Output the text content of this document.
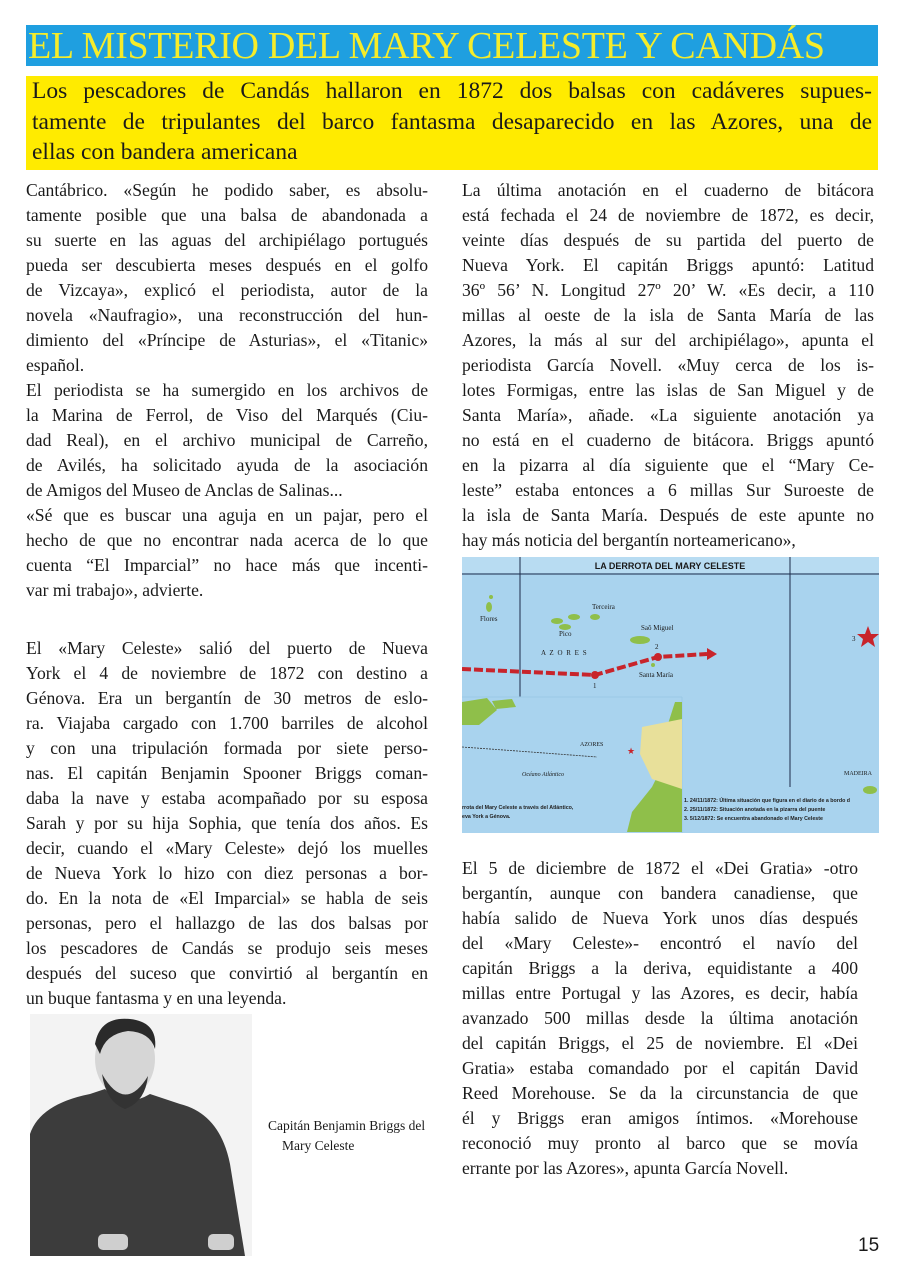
EL MISTERIO DEL MARY CELESTE Y CANDÁS
Los pescadores de Candás hallaron en 1872 dos balsas con cadáveres supues-
tamente de tripulantes del barco fantasma desaparecido en las Azores, una de
ellas con bandera americana
Cantábrico. «Según he podido saber, es absolu-
tamente posible que una balsa de abandonada a
su suerte en las aguas del archipiélago portugués
pueda ser descubierta meses después en el golfo
de Vizcaya», explicó el periodista, autor de la
novela «Naufragio», una reconstrucción del hun-
dimiento del «Príncipe de Asturias», el «Titanic»
español.
El periodista se ha sumergido en los archivos de
la Marina de Ferrol, de Viso del Marqués (Ciu-
dad Real), en el archivo municipal de Carreño,
de Avilés, ha solicitado ayuda de la asociación
de Amigos del Museo de Anclas de Salinas...
«Sé que es buscar una aguja en un pajar, pero el
hecho de que no encontrar nada acerca de lo que
cuenta “El Imparcial” no hace más que incenti-
var mi trabajo», advierte.
El «Mary Celeste» salió del puerto de Nueva
York el 4 de noviembre de 1872 con destino a
Génova. Era un bergantín de 30 metros de eslo-
ra. Viajaba cargado con 1.700 barriles de alcohol
y con una tripulación formada por siete perso-
nas. El capitán Benjamin Spooner Briggs coman-
daba la nave y estaba acompañado por su esposa
Sarah y por su hija Sophia, que tenía dos años. Es
decir, cuando el «Mary Celeste» dejó los muelles
de Nueva York lo hizo con diez personas a bor-
do. En la nota de «El Imparcial» se habla de seis
personas, pero el hallazgo de las dos balsas por
los pescadores de Candás se produjo seis meses
después del suceso que convirtió al bergantín en
un buque fantasma y en una leyenda.
La última anotación en el cuaderno de bitácora
está fechada el 24 de noviembre de 1872, es decir,
veinte días después de su partida del puerto de
Nueva York. El capitán Briggs apuntó: Latitud
36º 56’ N. Longitud 27º 20’ W. «Es decir, a 110
millas al oeste de la isla de Santa María de las
Azores, la más al sur del archipiélago», apunta el
periodista García Novell. «Muy cerca de los is-
lotes Formigas, entre las islas de San Miguel y de
Santa María», añade. «La siguiente anotación ya
no está en el cuaderno de bitácora. Briggs apuntó
en la pizarra al día siguiente que el “Mary Ce-
leste” estaba entonces a 6 millas Sur Suroeste de
la isla de Santa María. Después de este apunte no
hay más noticia del bergantín norteamericano»,
El 5 de diciembre de 1872 el «Dei Gratia» -otro
bergantín, aunque con bandera canadiense, que
había salido de Nueva York unos días después
del «Mary Celeste»- encontró el navío del
capitán Briggs a la deriva, equidistante a 400
millas entre Portugal y las Azores, es decir, había
avanzado 500 millas desde la última anotación
del capitán Briggs, el 25 de noviembre. El «Dei
Gratia» estaba comandado por el capitán David
Reed Morehouse. Se da la circunstancia de que
él y Briggs eran amigos íntimos. «Morehouse
reconoció muy pronto al barco que se movía
errante por las Azores», apunta García Novell.
LA DERROTA DEL MARY CELESTE
★
Flores
Terceira
Pico
Saõ Miguel
A Z O R E S
Santa María
1
2
3
AZORES
Océano Atlántico	MADEIRA
rrota del Mary Celeste a través del Atlántico,
eva York a Génova.
1. 24/11/1872: Última situación que figura en el diario de a bordo d
2. 25/11/1872: Situación anotada en la pizarra del puente
3. 5/12/1872: Se encuentra abandonado el Mary Celeste
Capitán Benjamin Briggs del
Mary Celeste
15
